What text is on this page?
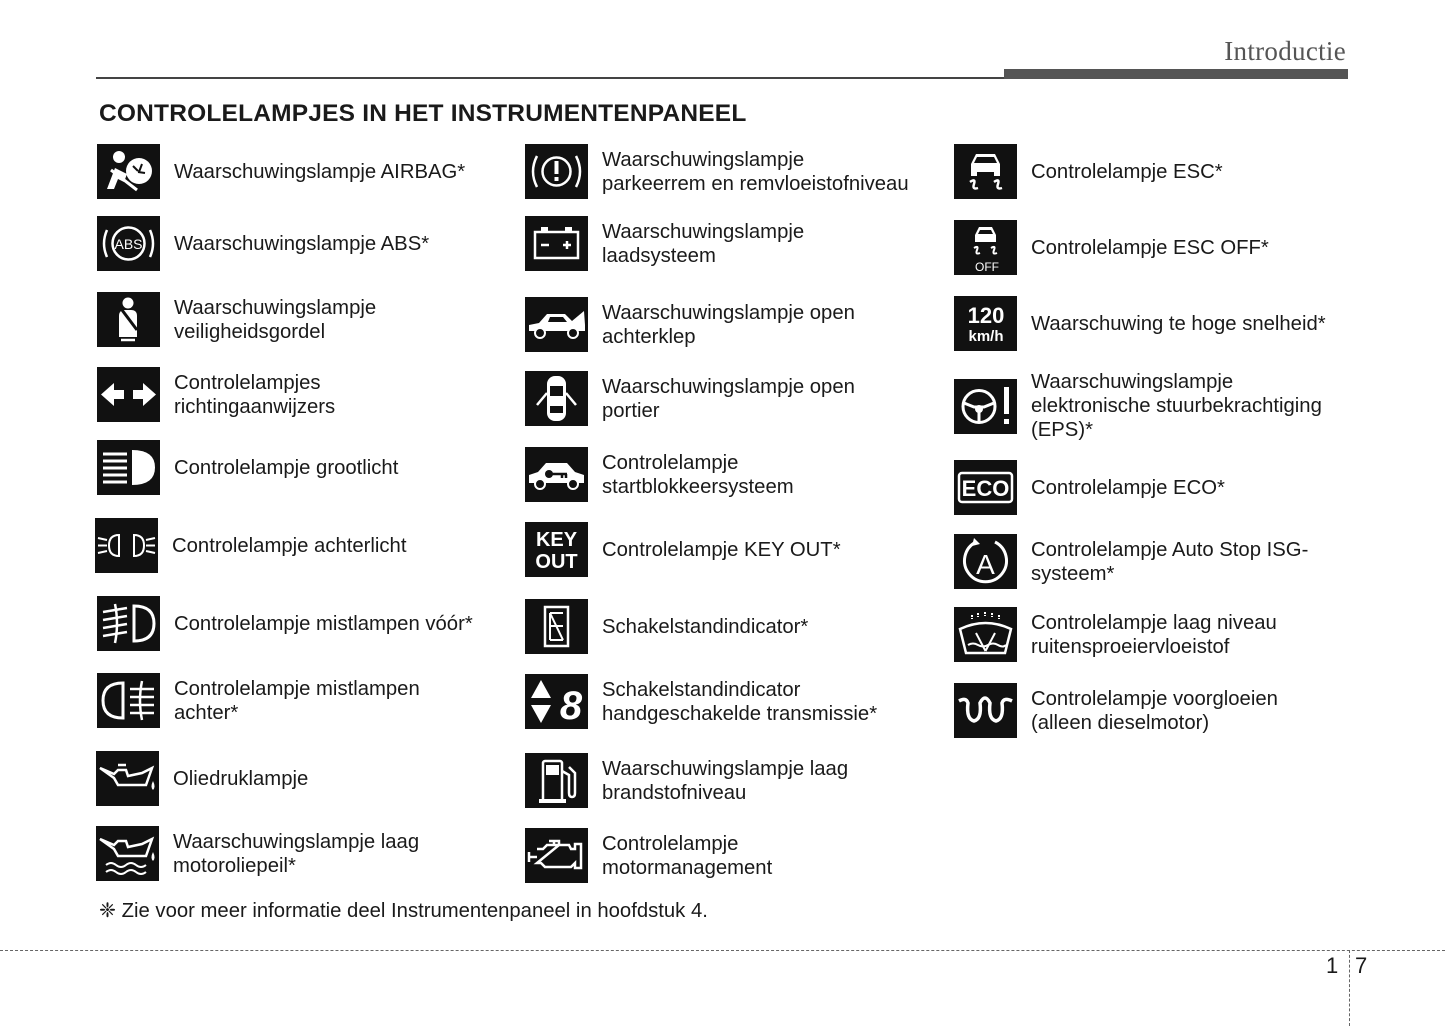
Introductie
CONTROLELAMPJES IN HET INSTRUMENTENPANEEL
Waarschuwingslampje AIRBAG*
ABS Waarschuwingslampje ABS*
Waarschuwingslampje
veiligheidsgordel
Controlelampjes
richtingaanwijzers
Controlelampje grootlicht
Controlelampje achterlicht
Controlelampje mistlampen vóór*
Controlelampje mistlampen
achter*
Oliedruklampje
Waarschuwingslampje laag
motoroliepeil*
Waarschuwingslampje
parkeerrem en remvloeistofniveau
Waarschuwingslampje
laadsysteem
Waarschuwingslampje open
achterklep
Waarschuwingslampje open
portier
Controlelampje
startblokkeersysteem
KEY
OUT
Controlelampje KEY OUT*
Schakelstandindicator*
8 Schakelstandindicator
handgeschakelde transmissie*
Waarschuwingslampje laag
brandstofniveau
Controlelampje
motormanagement
Controlelampje ESC*
OFF
Controlelampje ESC OFF*
120
km/h
Waarschuwing te hoge snelheid*
Waarschuwingslampje
elektronische stuurbekrachtiging
(EPS)*
ECO Controlelampje ECO*
A Controlelampje Auto Stop ISG-
systeem*
Controlelampje laag niveau
ruitensproeiervloeistof
Controlelampje voorgloeien
(alleen dieselmotor)
❈ Zie voor meer informatie deel Instrumentenpaneel in hoofdstuk 4.
1 7
